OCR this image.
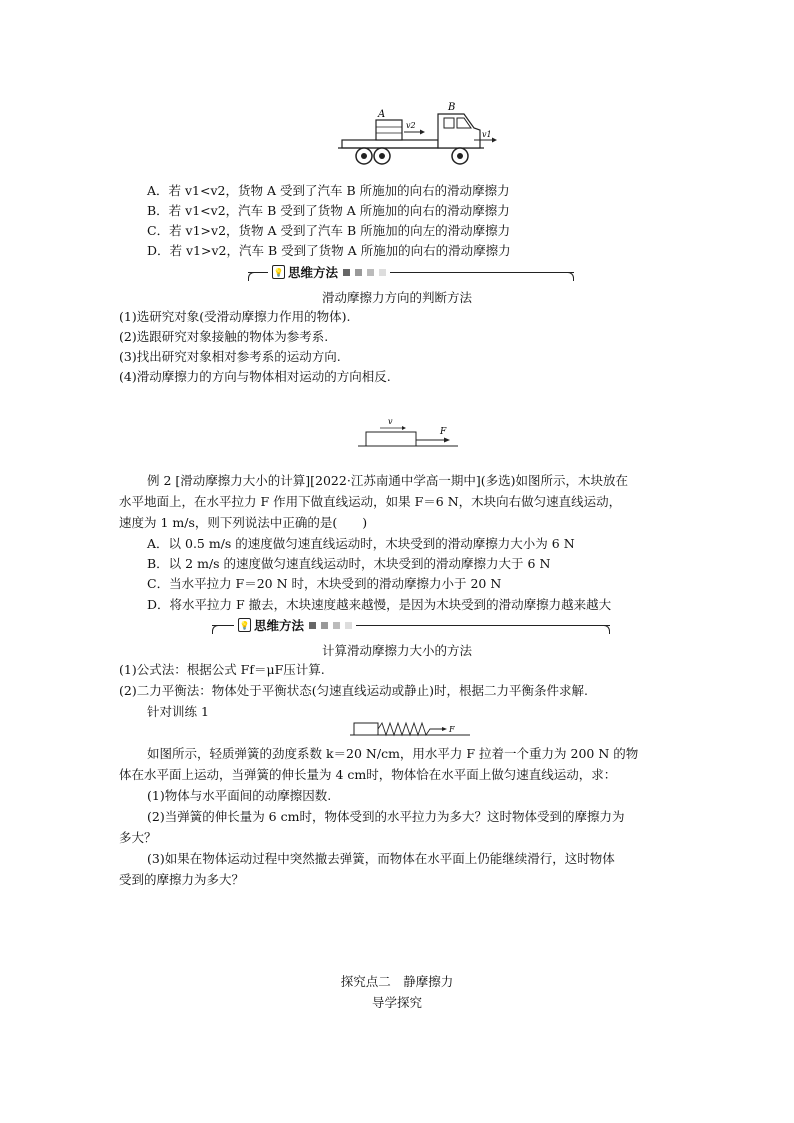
A
v2
B
v1
A．若 v1<v2，货物 A 受到了汽车 B 所施加的向右的滑动摩擦力
B．若 v1<v2，汽车 B 受到了货物 A 所施加的向右的滑动摩擦力
C．若 v1>v2，货物 A 受到了汽车 B 所施加的向左的滑动摩擦力
D．若 v1>v2，汽车 B 受到了货物 A 所施加的向右的滑动摩擦力
💡 思维方法
滑动摩擦力方向的判断方法
(1)选研究对象(受滑动摩擦力作用的物体).
(2)选跟研究对象接触的物体为参考系.
(3)找出研究对象相对参考系的运动方向.
(4)滑动摩擦力的方向与物体相对运动的方向相反.
v
F
例 2 [滑动摩擦力大小的计算][2022·江苏南通中学高一期中](多选)如图所示，木块放在
水平地面上，在水平拉力 F 作用下做直线运动，如果 F＝6 N，木块向右做匀速直线运动，
速度为 1 m/s，则下列说法中正确的是(　　)
A．以 0.5 m/s 的速度做匀速直线运动时，木块受到的滑动摩擦力大小为 6 N
B．以 2 m/s 的速度做匀速直线运动时，木块受到的滑动摩擦力大于 6 N
C．当水平拉力 F＝20 N 时，木块受到的滑动摩擦力小于 20 N
D．将水平拉力 F 撤去，木块速度越来越慢，是因为木块受到的滑动摩擦力越来越大
💡 思维方法
计算滑动摩擦力大小的方法
(1)公式法：根据公式 Ff＝μF压计算.
(2)二力平衡法：物体处于平衡状态(匀速直线运动或静止)时，根据二力平衡条件求解.
针对训练 1
F
如图所示，轻质弹簧的劲度系数 k＝20 N/cm，用水平力 F 拉着一个重力为 200 N 的物
体在水平面上运动，当弹簧的伸长量为 4 cm时，物体恰在水平面上做匀速直线运动，求：
(1)物体与水平面间的动摩擦因数.
(2)当弹簧的伸长量为 6 cm时，物体受到的水平拉力为多大？这时物体受到的摩擦力为
多大？
(3)如果在物体运动过程中突然撤去弹簧，而物体在水平面上仍能继续滑行，这时物体
受到的摩擦力为多大？
探究点二　静摩擦力
导学探究
